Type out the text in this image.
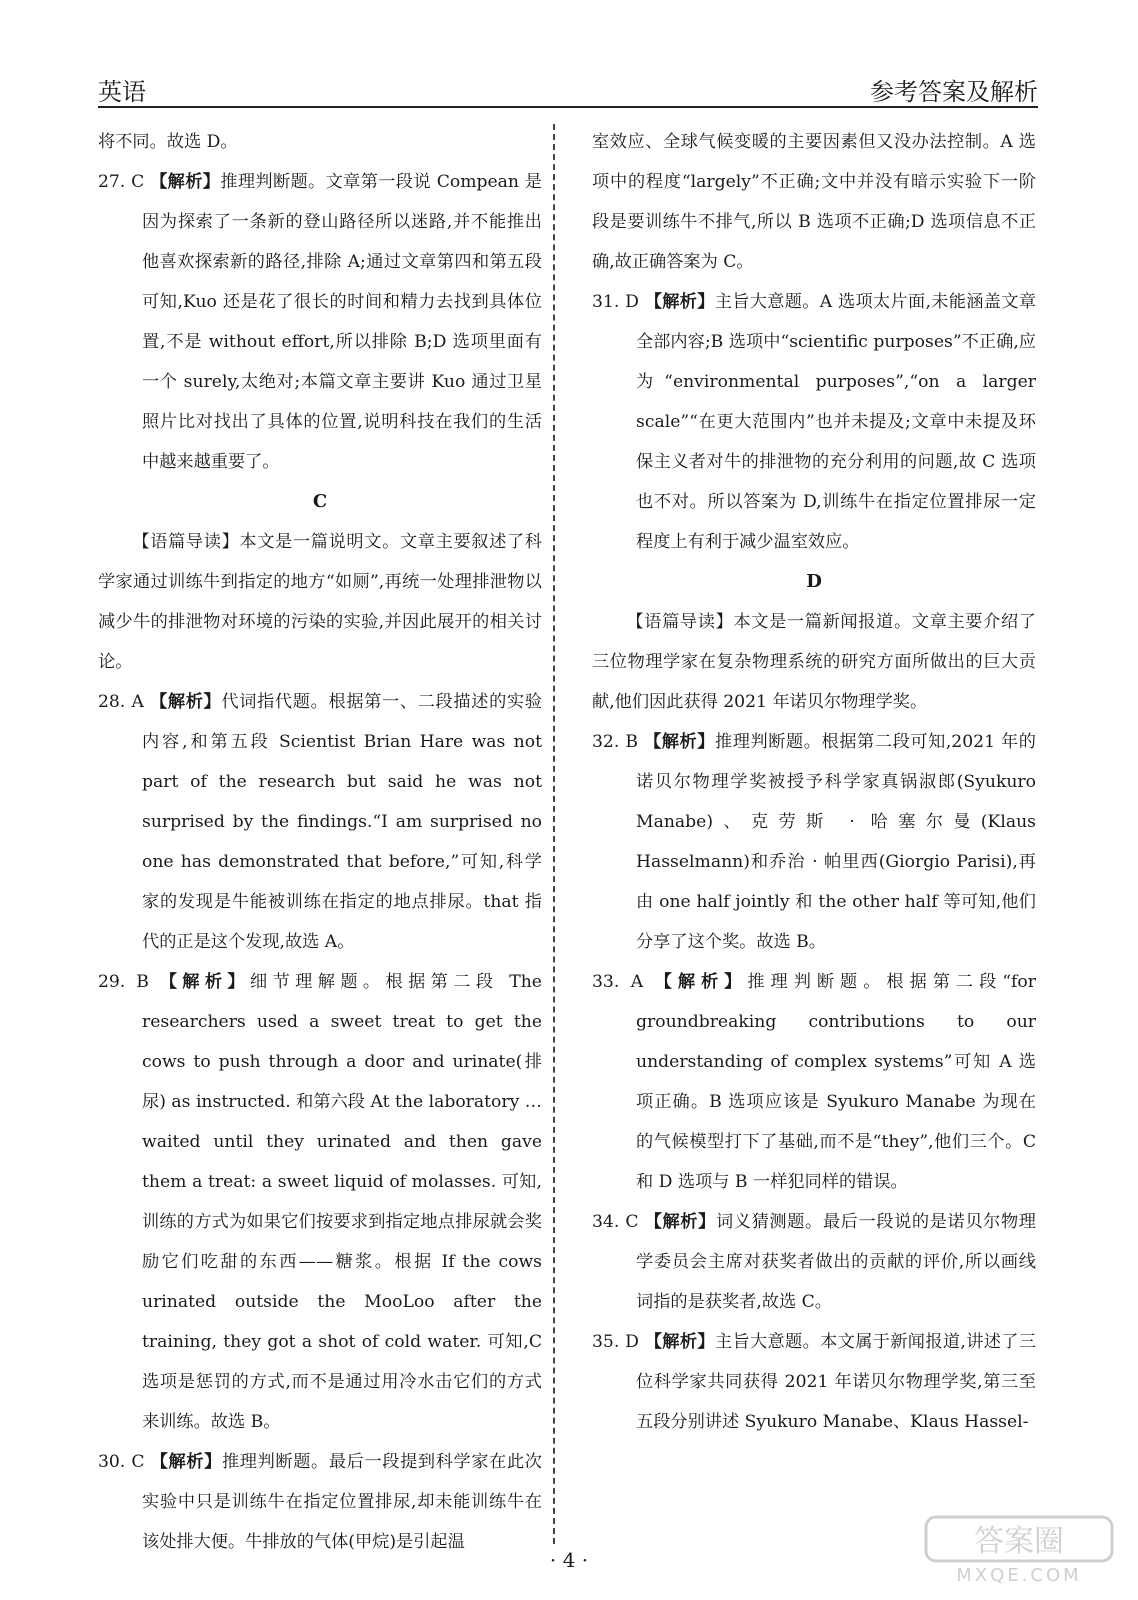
英语	参考答案及解析

将不同。故选 D。

27. C 【解析】推理判断题。文章第一段说 Compean 是因为探索了一条新的登山路径所以迷路,并不能推出他喜欢探索新的路径,排除 A;通过文章第四和第五段可知,Kuo 还是花了很长的时间和精力去找到具体位置,不是 without effort,所以排除 B;D 选项里面有一个 surely,太绝对;本篇文章主要讲 Kuo 通过卫星照片比对找出了具体的位置,说明科技在我们的生活中越来越重要了。

C

【语篇导读】本文是一篇说明文。文章主要叙述了科学家通过训练牛到指定的地方“如厕”,再统一处理排泄物以减少牛的排泄物对环境的污染的实验,并因此展开的相关讨论。

28. A 【解析】代词指代题。根据第一、二段描述的实验内容,和第五段 Scientist Brian Hare was not part of the research but said he was not surprised by the findings.“I am surprised no one has demonstrated that before,”可知,科学家的发现是牛能被训练在指定的地点排尿。that 指代的正是这个发现,故选 A。

29. B 【解析】细节理解题。根据第二段 The researchers used a sweet treat to get the cows to push through a door and urinate(排尿) as instructed. 和第六段 At the laboratory … waited until they urinated and then gave them a treat: a sweet liquid of molasses. 可知,训练的方式为如果它们按要求到指定地点排尿就会奖励它们吃甜的东西——糖浆。根据 If the cows urinated outside the MooLoo after the training, they got a shot of cold water. 可知,C 选项是惩罚的方式,而不是通过用冷水击它们的方式来训练。故选 B。

30. C 【解析】推理判断题。最后一段提到科学家在此次实验中只是训练牛在指定位置排尿,却未能训练牛在该处排大便。牛排放的气体(甲烷)是引起温

室效应、全球气候变暖的主要因素但又没办法控制。A 选项中的程度“largely”不正确;文中并没有暗示实验下一阶段是要训练牛不排气,所以 B 选项不正确;D 选项信息不正确,故正确答案为 C。

31. D 【解析】主旨大意题。A 选项太片面,未能涵盖文章全部内容;B 选项中“scientific purposes”不正确,应为“environmental purposes”,“on a larger scale”“在更大范围内”也并未提及;文章中未提及环保主义者对牛的排泄物的充分利用的问题,故 C 选项也不对。所以答案为 D,训练牛在指定位置排尿一定程度上有利于减少温室效应。

D

【语篇导读】本文是一篇新闻报道。文章主要介绍了三位物理学家在复杂物理系统的研究方面所做出的巨大贡献,他们因此获得 2021 年诺贝尔物理学奖。

32. B 【解析】推理判断题。根据第二段可知,2021 年的诺贝尔物理学奖被授予科学家真锅淑郎(Syukuro Manabe)、克劳斯 · 哈塞尔曼(Klaus Hasselmann)和乔治 · 帕里西(Giorgio Parisi),再由 one half jointly 和 the other half 等可知,他们分享了这个奖。故选 B。

33. A 【解析】推理判断题。根据第二段“for groundbreaking contributions to our understanding of complex systems”可知 A 选项正确。B 选项应该是 Syukuro Manabe 为现在的气候模型打下了基础,而不是“they”,他们三个。C 和 D 选项与 B 一样犯同样的错误。

34. C 【解析】词义猜测题。最后一段说的是诺贝尔物理学委员会主席对获奖者做出的贡献的评价,所以画线词指的是获奖者,故选 C。

35. D 【解析】主旨大意题。本文属于新闻报道,讲述了三位科学家共同获得 2021 年诺贝尔物理学奖,第三至五段分别讲述 Syukuro Manabe、Klaus Hassel-

· 4 ·
答案圈
MXQE.COM
